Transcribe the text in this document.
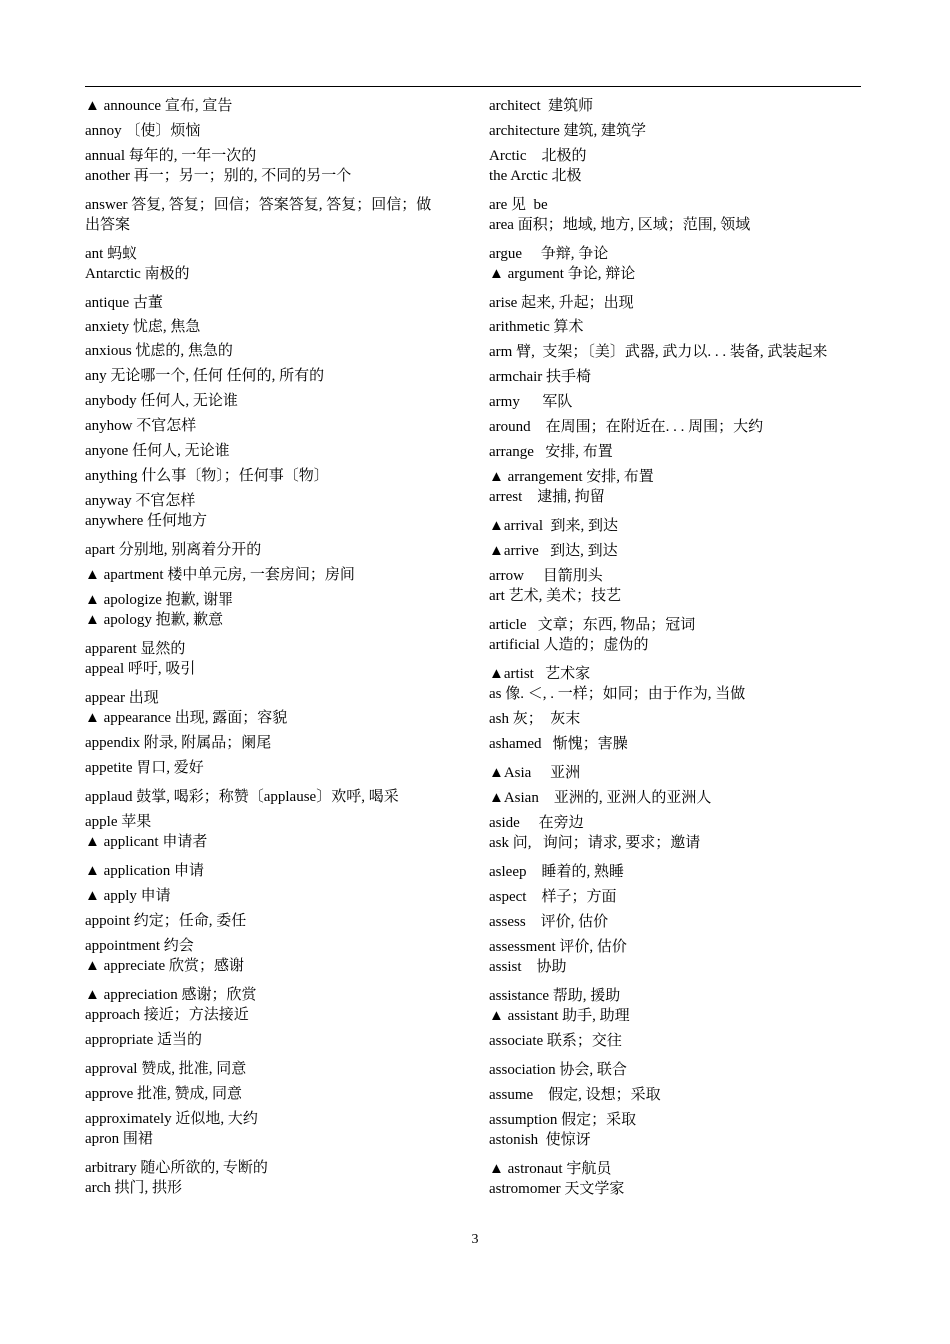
▲ announce 宣布, 宣告
annoy 〔使〕烦恼
annual 每年的, 一年一次的
another 再一；另一；别的, 不同的另一个
answer 答复, 答复；回信；答案答复, 答复；回信；做出答案
ant 蚂蚁
Antarctic 南极的
antique 古董
anxiety 忧虑, 焦急
anxious 忧虑的, 焦急的
any 无论哪一个, 任何 任何的, 所有的
anybody 任何人, 无论谁
anyhow 不官怎样
anyone 任何人, 无论谁
anything 什么事〔物〕；任何事〔物〕
anyway 不官怎样
anywhere 任何地方
apart 分别地, 别离着分开的
▲ apartment 楼中单元房, 一套房间；房间
▲ apologize 抱歉, 谢罪
▲ apology 抱歉, 歉意
apparent 显然的
appeal 呼吁, 吸引
appear 出现
▲ appearance 出现, 露面；容貌
appendix 附录, 附属品；阑尾
appetite 胃口, 爱好
applaud 鼓掌, 喝彩；称赞〔applause〕欢呼, 喝采
apple 苹果
▲ applicant 申请者
▲ application 申请
▲ apply 申请
appoint 约定；任命, 委任
appointment 约会
▲ appreciate 欣赏；感谢
▲ appreciation 感谢；欣赏
approach 接近；方法接近
appropriate 适当的
approval 赞成, 批准, 同意
approve 批准, 赞成, 同意
approximately 近似地, 大约
apron 围裙
arbitrary 随心所欲的, 专断的
arch 拱门, 拱形
architect  建筑师
architecture 建筑, 建筑学
Arctic    北极的
the Arctic 北极
are 见  be
area 面积；地域, 地方, 区域；范围, 领域
argue     争辩, 争论
▲ argument 争论, 辩论
arise 起来, 升起；出现
arithmetic 算术
arm 臂,  支架；〔美〕武器, 武力以. . . 装备, 武装起来
armchair 扶手椅
army      军队
around    在周围；在附近在. . . 周围；大约
arrange   安排, 布置
▲ arrangement 安排, 布置
arrest    逮捕, 拘留
▲arrival  到来, 到达
▲arrive   到达, 到达
arrow     目箭刖头
art 艺术, 美术；技艺
article   文章；东西, 物品；冠词
artificial 人造的；虚伪的
▲artist   艺术家
as 像. ＜, . 一样；如同；由于作为, 当做
ash 灰；  灰末
ashamed   惭愧；害臊
▲Asia     亚洲
▲Asian    亚洲的, 亚洲人的亚洲人
aside     在旁边
ask 问,   询问；请求, 要求；邀请
asleep    睡着的, 熟睡
aspect    样子；方面
assess    评价, 估价
assessment 评价, 估价
assist    协助
assistance 帮助, 援助
▲ assistant 助手, 助理
associate 联系；交往
association 协会, 联合
assume    假定, 设想；采取
assumption 假定；采取
astonish  使惊讶
▲ astronaut 宇航员
astromomer 天文学家
3
